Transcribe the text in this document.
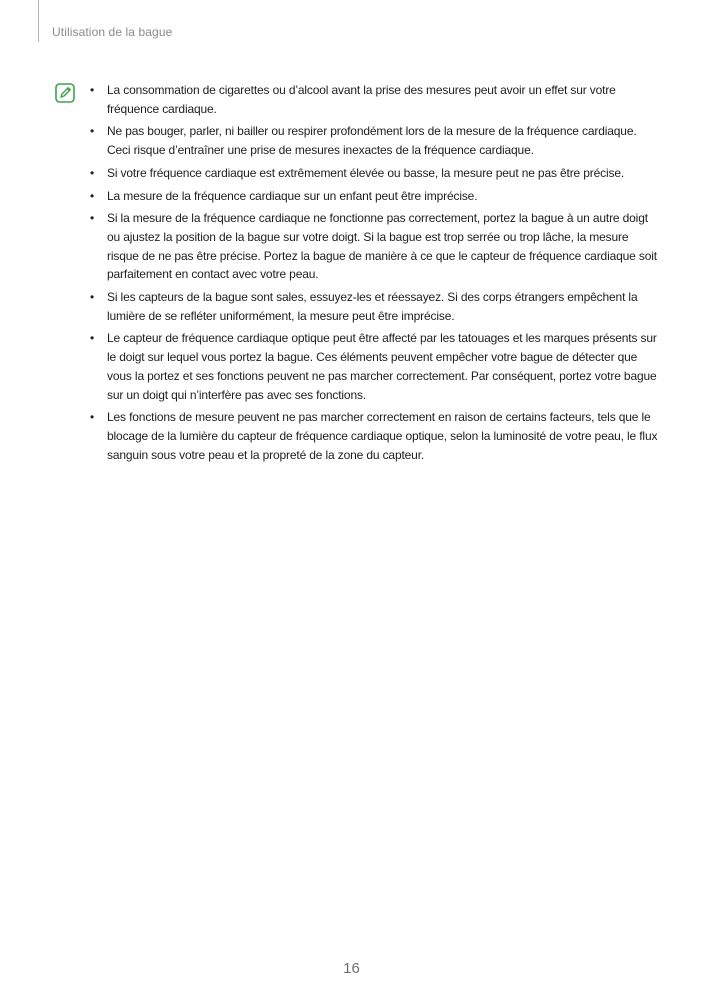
Utilisation de la bague
• La consommation de cigarettes ou d’alcool avant la prise des mesures peut avoir un effet sur votre fréquence cardiaque.
• Ne pas bouger, parler, ni bailler ou respirer profondément lors de la mesure de la fréquence cardiaque. Ceci risque d’entraîner une prise de mesures inexactes de la fréquence cardiaque.
• Si votre fréquence cardiaque est extrêmement élevée ou basse, la mesure peut ne pas être précise.
• La mesure de la fréquence cardiaque sur un enfant peut être imprécise.
• Si la mesure de la fréquence cardiaque ne fonctionne pas correctement, portez la bague à un autre doigt ou ajustez la position de la bague sur votre doigt. Si la bague est trop serrée ou trop lâche, la mesure risque de ne pas être précise. Portez la bague de manière à ce que le capteur de fréquence cardiaque soit parfaitement en contact avec votre peau.
• Si les capteurs de la bague sont sales, essuyez-les et réessayez. Si des corps étrangers empêchent la lumière de se refléter uniformément, la mesure peut être imprécise.
• Le capteur de fréquence cardiaque optique peut être affecté par les tatouages et les marques présents sur le doigt sur lequel vous portez la bague. Ces éléments peuvent empêcher votre bague de détecter que vous la portez et ses fonctions peuvent ne pas marcher correctement. Par conséquent, portez votre bague sur un doigt qui n’interfère pas avec ses fonctions.
• Les fonctions de mesure peuvent ne pas marcher correctement en raison de certains facteurs, tels que le blocage de la lumière du capteur de fréquence cardiaque optique, selon la luminosité de votre peau, le flux sanguin sous votre peau et la propreté de la zone du capteur.
16
